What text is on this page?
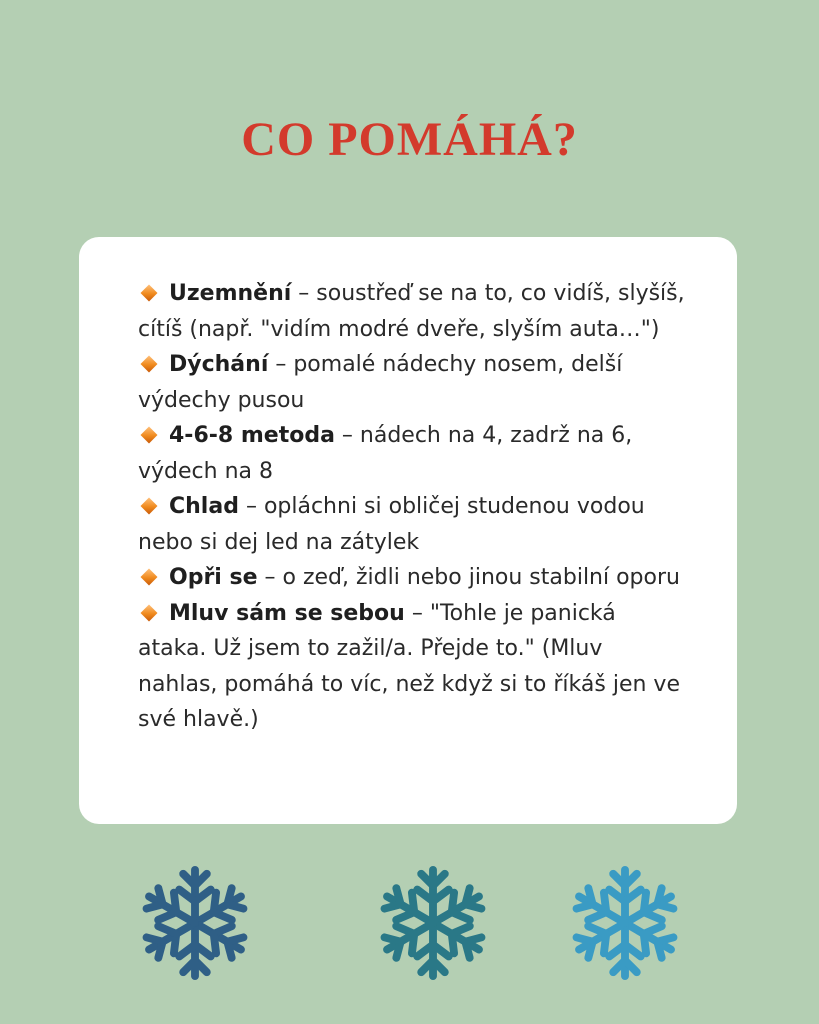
CO POMÁHÁ?

Uzemnění – soustřeď se na to, co vidíš, slyšíš, cítíš (např. "vidím modré dveře, slyším auta…")

Dýchání – pomalé nádechy nosem, delší výdechy pusou

4-6-8 metoda – nádech na 4, zadrž na 6, výdech na 8

Chlad – opláchni si obličej studenou vodou nebo si dej led na zátylek

Opři se – o zeď, židli nebo jinou stabilní oporu

Mluv sám se sebou – "Tohle je panická ataka. Už jsem to zažil/a. Přejde to." (Mluv nahlas, pomáhá to víc, než když si to říkáš jen ve své hlavě.)
